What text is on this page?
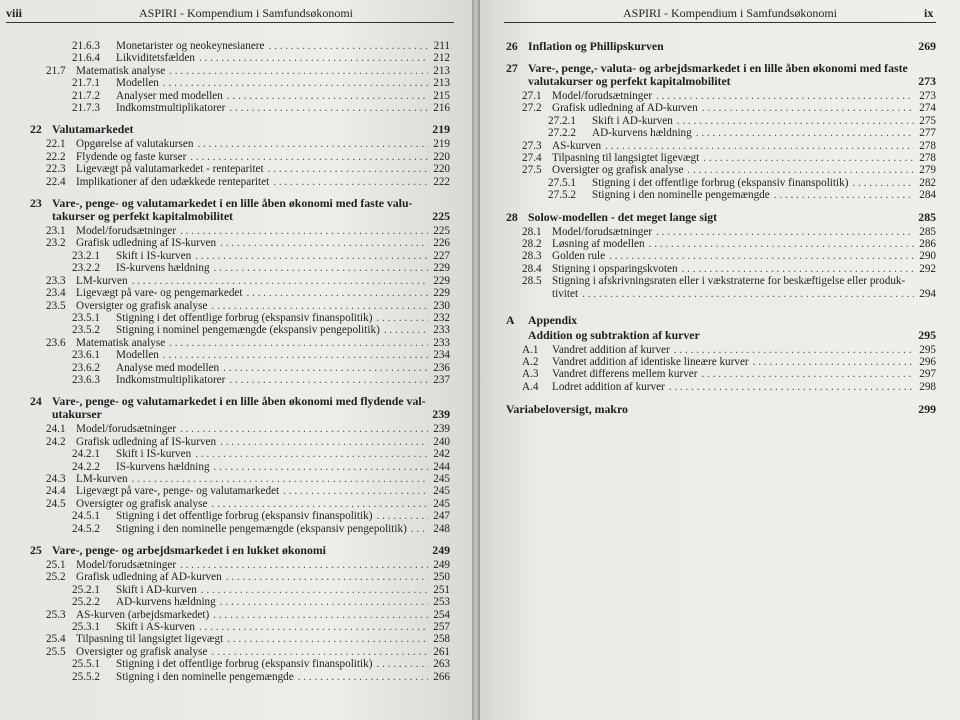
viii	ASPIRI - Kompendium i Samfundsøkonomi
21.6.3	Monetarister og neokeynesianere . . .	211
21.6.4	Likviditetsfælden . . .	212
21.7 Matematisk analyse . . .	213
21.7.1	Modellen . . .	213
21.7.2	Analyser med modellen . . .	215
21.7.3	Indkomstmultiplikatorer . . .	216
22 Valutamarkedet	219
22.1 Opgørelse af valutakursen . . .	219
22.2 Flydende og faste kurser . . .	220
22.3 Ligevægt på valutamarkedet - renteparitet . . .	220
22.4 Implikationer af den udækkede renteparitet . . .	222
23 Vare-, penge- og valutamarkedet i en lille åben økonomi med faste valu-
takurser og perfekt kapitalmobilitet	225
23.1 Model/forudsætninger . . .	225
23.2 Grafisk udledning af IS-kurven . . .	226
23.2.1	Skift i IS-kurven . . .	227
23.2.2	IS-kurvens hældning . . .	229
23.3 LM-kurven . . .	229
23.4 Ligevægt på vare- og pengemarkedet . . .	229
23.5 Oversigter og grafisk analyse . . .	230
23.5.1	Stigning i det offentlige forbrug (ekspansiv finanspolitik) . . .	232
23.5.2	Stigning i nominel pengemængde (ekspansiv pengepolitik) . . .	233
23.6 Matematisk analyse . . .	233
23.6.1	Modellen . . .	234
23.6.2	Analyse med modellen . . .	236
23.6.3	Indkomstmultiplikatorer . . .	237
24 Vare-, penge- og valutamarkedet i en lille åben økonomi med flydende val-
utakurser	239
24.1 Model/forudsætninger . . .	239
24.2 Grafisk udledning af IS-kurven . . .	240
24.2.1	Skift i IS-kurven . . .	242
24.2.2	IS-kurvens hældning . . .	244
24.3 LM-kurven . . .	245
24.4 Ligevægt på vare-, penge- og valutamarkedet . . .	245
24.5 Oversigter og grafisk analyse . . .	245
24.5.1	Stigning i det offentlige forbrug (ekspansiv finanspolitik) . . .	247
24.5.2	Stigning i den nominelle pengemængde (ekspansiv pengepolitik) . . . 248
25 Vare-, penge- og arbejdsmarkedet i en lukket økonomi	249
25.1 Model/forudsætninger . . .	249
25.2 Grafisk udledning af AD-kurven . . .	250
25.2.1	Skift i AD-kurven . . .	251
25.2.2	AD-kurvens hældning . . .	253
25.3 AS-kurven (arbejdsmarkedet) . . .	254
25.3.1	Skift i AS-kurven . . .	257
25.4 Tilpasning til langsigtet ligevægt . . .	258
25.5 Oversigter og grafisk analyse . . .	261
25.5.1	Stigning i det offentlige forbrug (ekspansiv finanspolitik) . . .	263
25.5.2	Stigning i den nominelle pengemængde . . .	266
ASPIRI - Kompendium i Samfundsøkonomi	ix
26 Inflation og Phillipskurven	269
27 Vare-, penge,- valuta- og arbejdsmarkedet i en lille åben økonomi med faste
valutakurser og perfekt kapitalmobilitet	273
27.1 Model/forudsætninger . . .	273
27.2 Grafisk udledning af AD-kurven . . .	274
27.2.1	Skift i AD-kurven . . .	275
27.2.2	AD-kurvens hældning . . .	277
27.3 AS-kurven . . .	278
27.4 Tilpasning til langsigtet ligevægt . . .	278
27.5 Oversigter og grafisk analyse . . .	279
27.5.1	Stigning i det offentlige forbrug (ekspansiv finanspolitik) . . .	282
27.5.2	Stigning i den nominelle pengemængde . . .	284
28 Solow-modellen - det meget lange sigt	285
28.1 Model/forudsætninger . . .	285
28.2 Løsning af modellen . . .	286
28.3 Golden rule . . .	290
28.4 Stigning i opsparingskvoten . . .	292
28.5 Stigning i afskrivningsraten eller i vækstraterne for beskæftigelse eller produk-
tivitet . . .	294
A	Appendix
Addition og subtraktion af kurver	295
A.1	Vandret addition af kurver . . .	295
A.2	Vandret addition af identiske lineære kurver . . .	296
A.3	Vandret differens mellem kurver . . .	297
A.4	Lodret addition af kurver . . .	298
Variabeloversigt, makro	299
